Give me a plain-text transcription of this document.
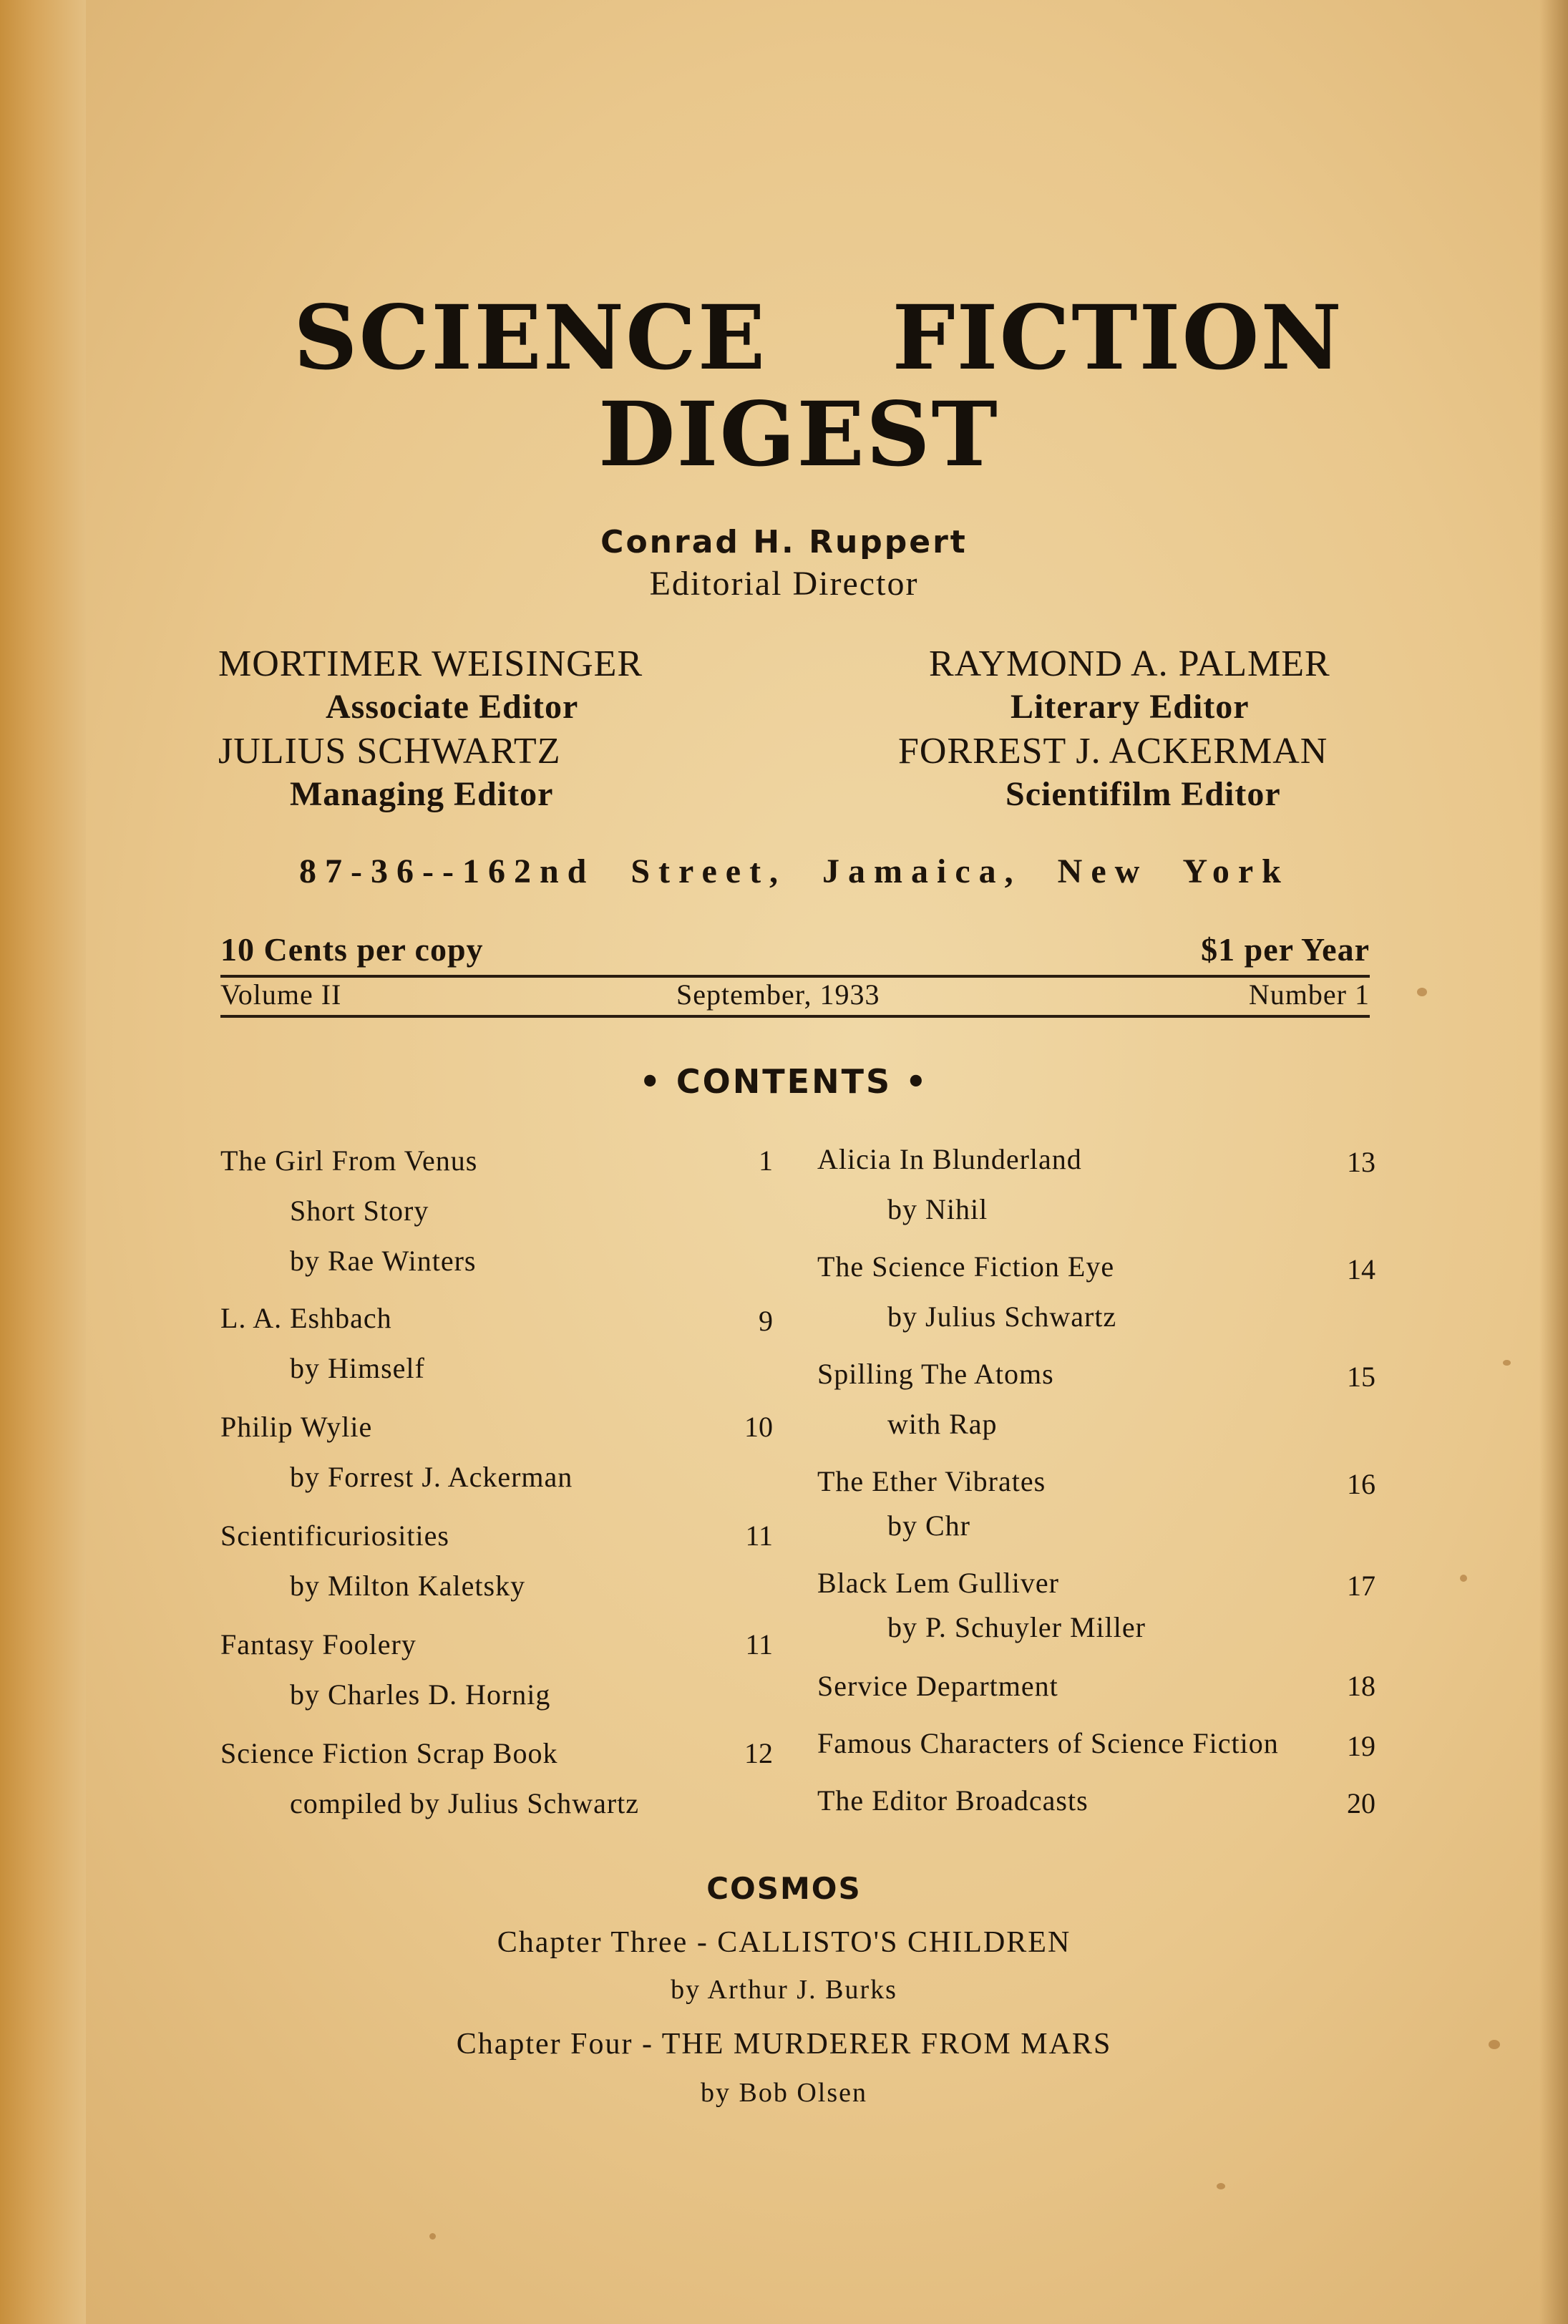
SCIENCE FICTION
DIGEST
Conrad H. Ruppert
Editorial Director
MORTIMER WEISINGER
Associate Editor
JULIUS SCHWARTZ
Managing Editor
RAYMOND A. PALMER
Literary Editor
FORREST J. ACKERMAN
Scientifilm Editor
87-36--162nd Street, Jamaica, New York
10 Cents per copy	$1 per Year
Volume II	September, 1933	Number 1
• CONTENTS •
The Girl From Venus	1
Short Story
by Rae Winters
L. A. Eshbach	9
by Himself
Philip Wylie	10
by Forrest J. Ackerman
Scientificuriosities	11
by Milton Kaletsky
Fantasy Foolery	11
by Charles D. Hornig
Science Fiction Scrap Book	12
compiled by Julius Schwartz
Alicia In Blunderland	13
by Nihil
The Science Fiction Eye	14
by Julius Schwartz
Spilling The Atoms	15
with Rap
The Ether Vibrates	16
by Chr
Black Lem Gulliver	17
by P. Schuyler Miller
Service Department	18
Famous Characters of Science Fiction	19
The Editor Broadcasts	20
COSMOS
Chapter Three - CALLISTO'S CHILDREN
by Arthur J. Burks
Chapter Four - THE MURDERER FROM MARS
by Bob Olsen
